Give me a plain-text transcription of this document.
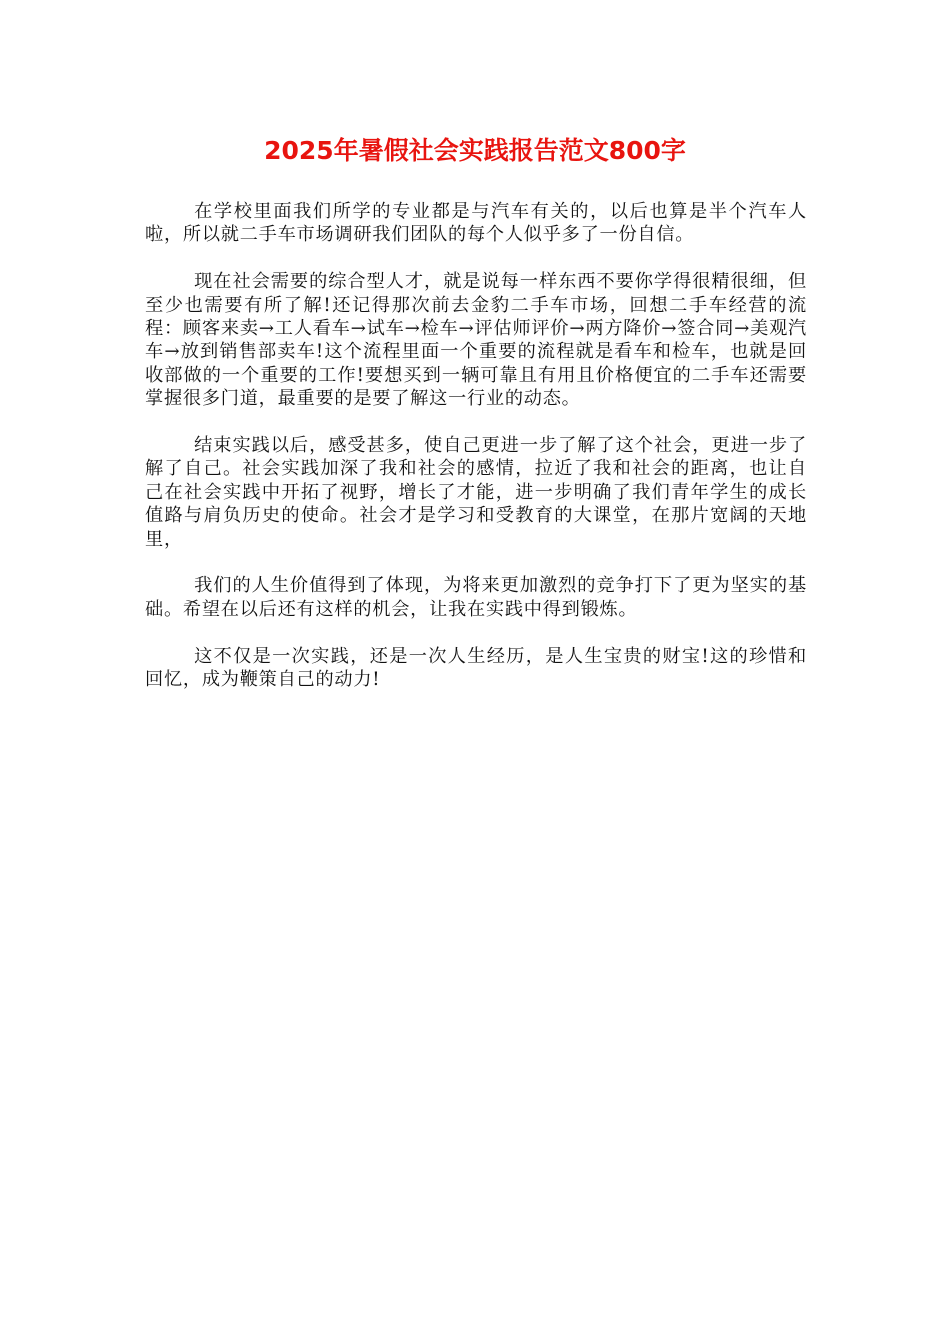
2025年暑假社会实践报告范文800字

在学校里面我们所学的专业都是与汽车有关的，以后也算是半个汽车人啦，所以就二手车市场调研我们团队的每个人似乎多了一份自信。

现在社会需要的综合型人才，就是说每一样东西不要你学得很精很细，但至少也需要有所了解!还记得那次前去金豹二手车市场，回想二手车经营的流程：顾客来卖→工人看车→试车→检车→评估师评价→两方降价→签合同→美观汽车→放到销售部卖车!这个流程里面一个重要的流程就是看车和检车，也就是回收部做的一个重要的工作!要想买到一辆可靠且有用且价格便宜的二手车还需要掌握很多门道，最重要的是要了解这一行业的动态。

结束实践以后，感受甚多，使自己更进一步了解了这个社会，更进一步了解了自己。社会实践加深了我和社会的感情，拉近了我和社会的距离，也让自己在社会实践中开拓了视野，增长了才能，进一步明确了我们青年学生的成长值路与肩负历史的使命。社会才是学习和受教育的大课堂，在那片宽阔的天地里，

我们的人生价值得到了体现，为将来更加激烈的竞争打下了更为坚实的基础。希望在以后还有这样的机会，让我在实践中得到锻炼。

这不仅是一次实践，还是一次人生经历，是人生宝贵的财宝!这的珍惜和回忆，成为鞭策自己的动力!
